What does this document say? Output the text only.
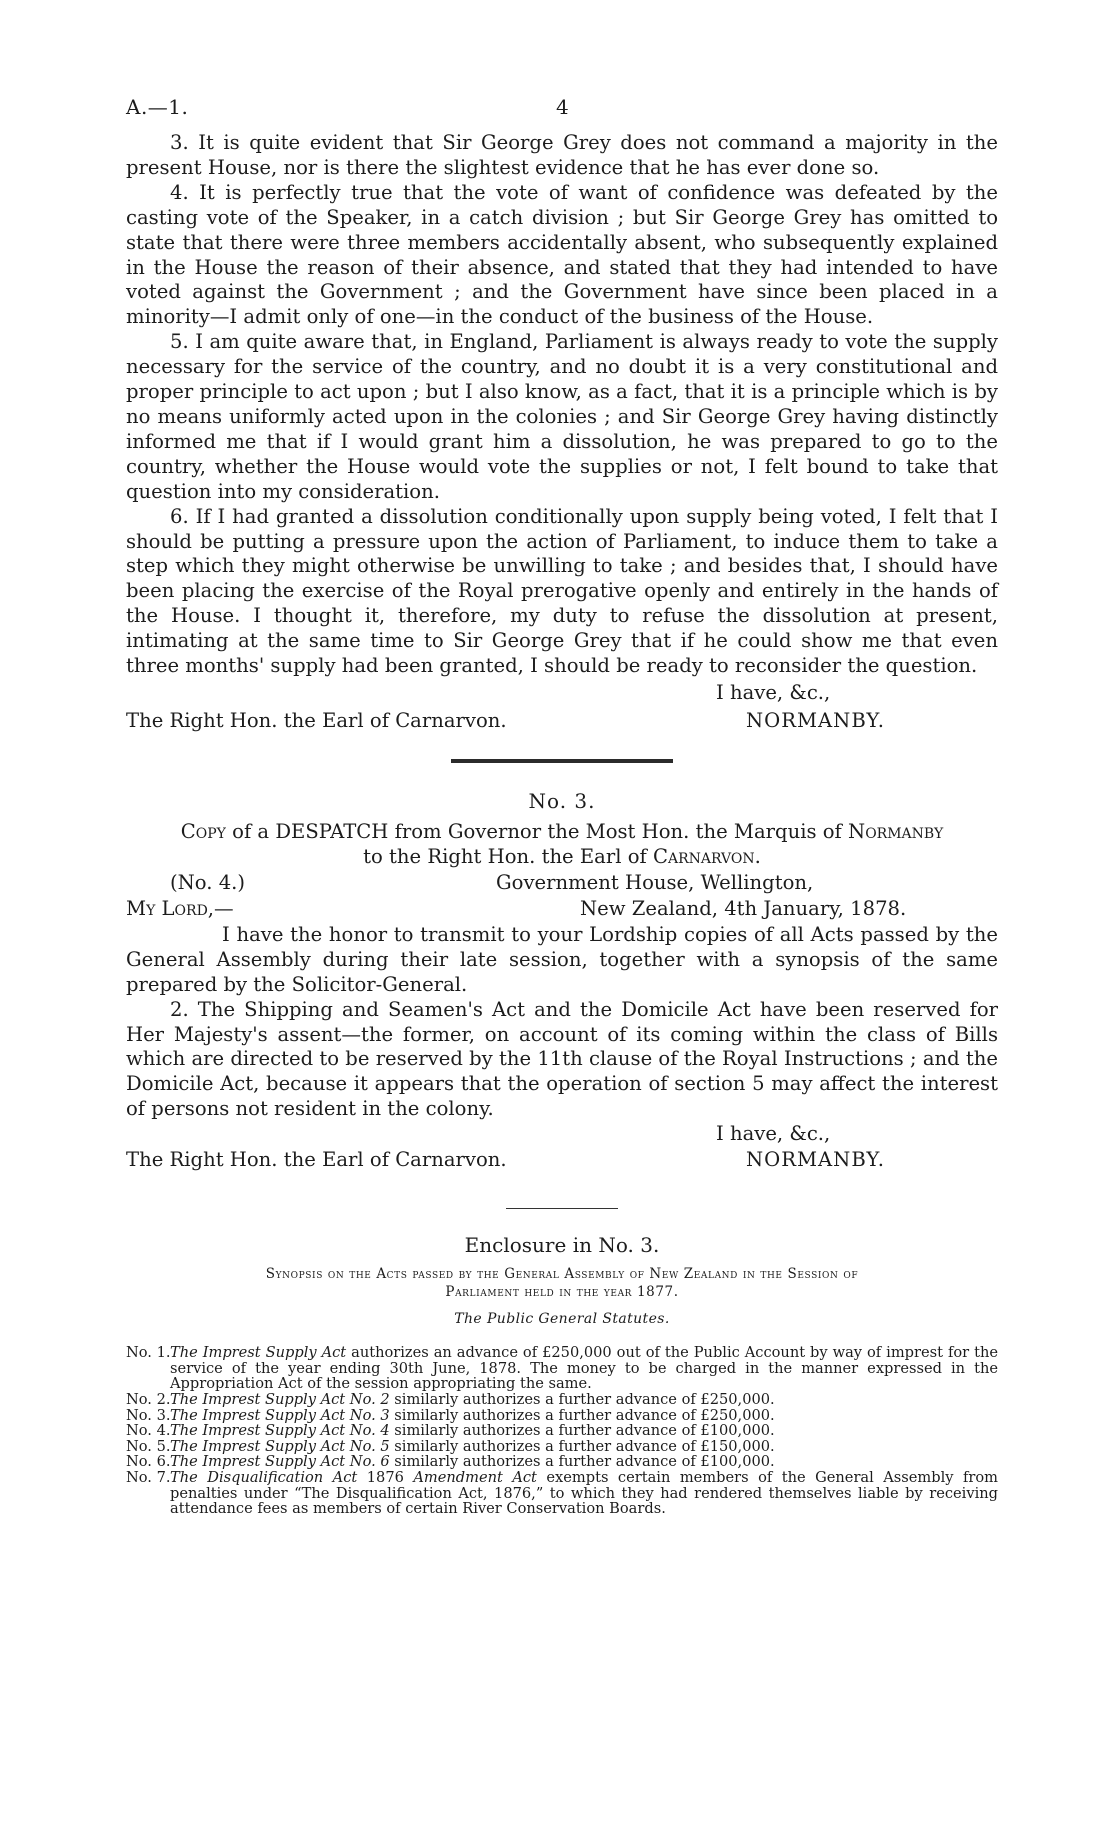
A.—1.	4

3. It is quite evident that Sir George Grey does not command a majority in the present House, nor is there the slightest evidence that he has ever done so.

4. It is perfectly true that the vote of want of confidence was defeated by the casting vote of the Speaker, in a catch division ; but Sir George Grey has omitted to state that there were three members accidentally absent, who subsequently explained in the House the reason of their absence, and stated that they had intended to have voted against the Government ; and the Government have since been placed in a minority—I admit only of one—in the conduct of the business of the House.

5. I am quite aware that, in England, Parliament is always ready to vote the supply necessary for the service of the country, and no doubt it is a very constitutional and proper principle to act upon ; but I also know, as a fact, that it is a principle which is by no means uniformly acted upon in the colonies ; and Sir George Grey having distinctly informed me that if I would grant him a dissolution, he was prepared to go to the country, whether the House would vote the supplies or not, I felt bound to take that question into my consideration.

6. If I had granted a dissolution conditionally upon supply being voted, I felt that I should be putting a pressure upon the action of Parliament, to induce them to take a step which they might otherwise be unwilling to take ; and besides that, I should have been placing the exercise of the Royal prerogative openly and entirely in the hands of the House. I thought it, therefore, my duty to refuse the dissolution at present, intimating at the same time to Sir George Grey that if he could show me that even three months' supply had been granted, I should be ready to reconsider the question.

I have, &c.,
The Right Hon. the Earl of Carnarvon.	NORMANBY.
No. 3.
Copy of a DESPATCH from Governor the Most Hon. the Marquis of Normanby
to the Right Hon. the Earl of Carnarvon.
(No. 4.)	Government House, Wellington,
My Lord,—	New Zealand, 4th January, 1878.

I have the honor to transmit to your Lordship copies of all Acts passed by the General Assembly during their late session, together with a synopsis of the same prepared by the Solicitor-General.

2. The Shipping and Seamen's Act and the Domicile Act have been reserved for Her Majesty's assent—the former, on account of its coming within the class of Bills which are directed to be reserved by the 11th clause of the Royal Instructions ; and the Domicile Act, because it appears that the operation of section 5 may affect the interest of persons not resident in the colony.

I have, &c.,
The Right Hon. the Earl of Carnarvon.	NORMANBY.
Enclosure in No. 3.
Synopsis on the Acts passed by the General Assembly of New Zealand in the Session of
Parliament held in the year 1877.
The Public General Statutes.
No. 1. The Imprest Supply Act authorizes an advance of £250,000 out of the Public Account by way of imprest for the service of the year ending 30th June, 1878. The money to be charged in the manner expressed in the Appropriation Act of the session appropriating the same.
No. 2. The Imprest Supply Act No. 2 similarly authorizes a further advance of £250,000.
No. 3. The Imprest Supply Act No. 3 similarly authorizes a further advance of £250,000.
No. 4. The Imprest Supply Act No. 4 similarly authorizes a further advance of £100,000.
No. 5. The Imprest Supply Act No. 5 similarly authorizes a further advance of £150,000.
No. 6. The Imprest Supply Act No. 6 similarly authorizes a further advance of £100,000.
No. 7. The Disqualification Act 1876 Amendment Act exempts certain members of the General Assembly from penalties under “The Disqualification Act, 1876,” to which they had rendered themselves liable by receiving attendance fees as members of certain River Conservation Boards.
